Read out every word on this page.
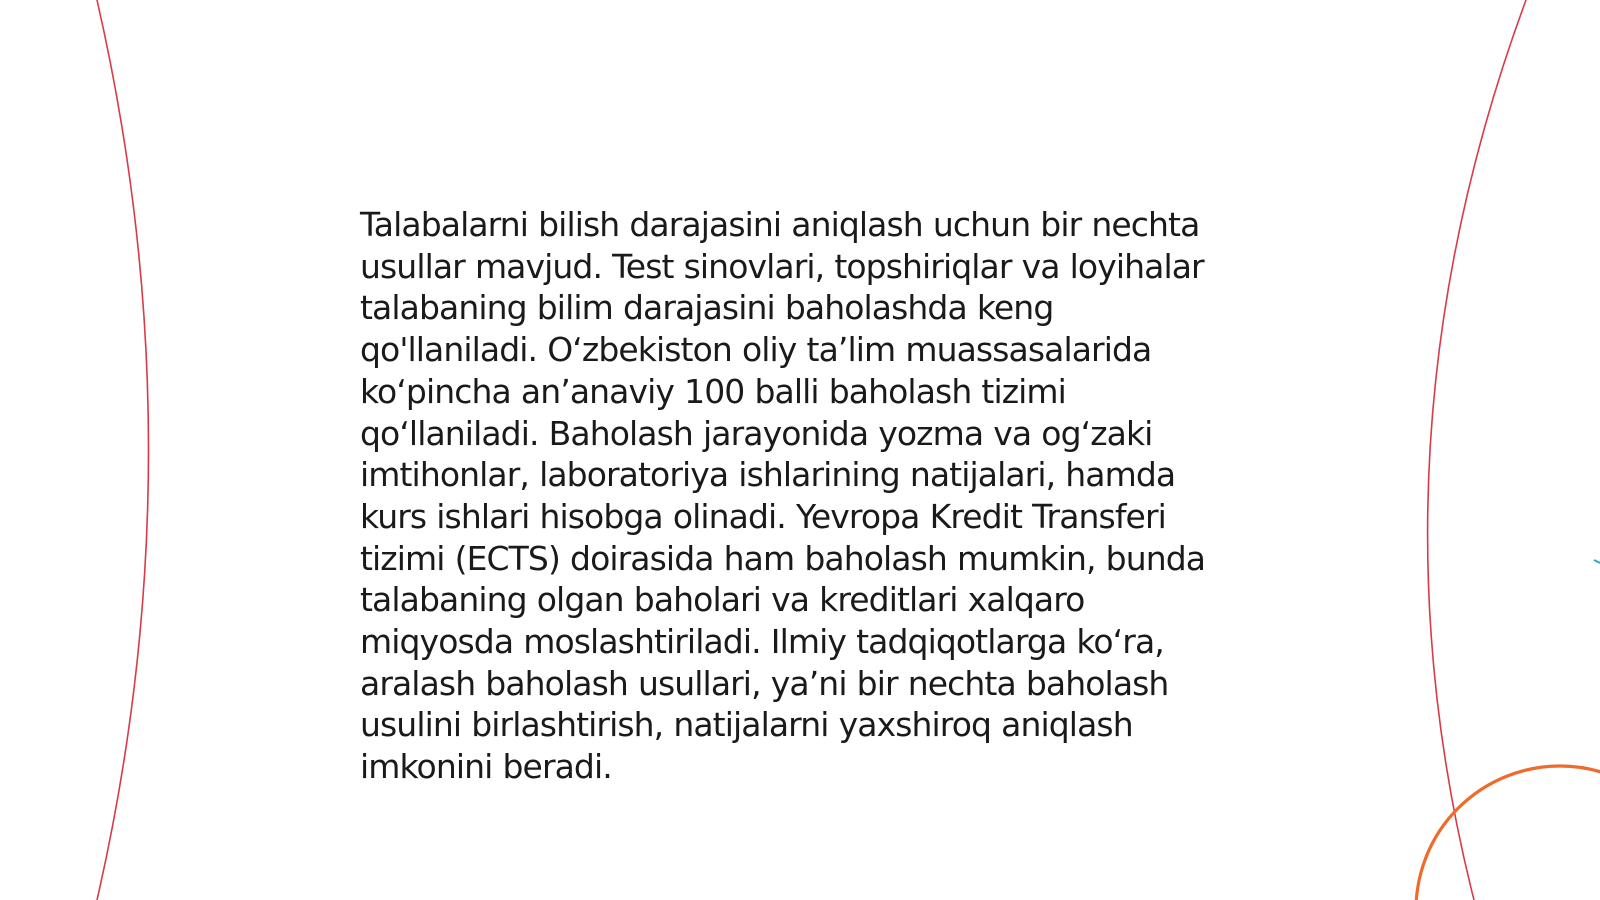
Talabalarni bilish darajasini aniqlash uchun bir nechta usullar mavjud. Test sinovlari, topshiriqlar va loyihalar talabaning bilim darajasini baholashda keng qo'llaniladi. O‘zbekiston oliy ta’lim muassasalarida ko‘pincha an’anaviy 100 balli baholash tizimi qo‘llaniladi. Baholash jarayonida yozma va og‘zaki imtihonlar, laboratoriya ishlarining natijalari, hamda kurs ishlari hisobga olinadi. Yevropa Kredit Transferi tizimi (ECTS) doirasida ham baholash mumkin, bunda talabaning olgan baholari va kreditlari xalqaro miqyosda moslashtiriladi. Ilmiy tadqiqotlarga ko‘ra, aralash baholash usullari, ya’ni bir nechta baholash usulini birlashtirish, natijalarni yaxshiroq aniqlash imkonini beradi.
